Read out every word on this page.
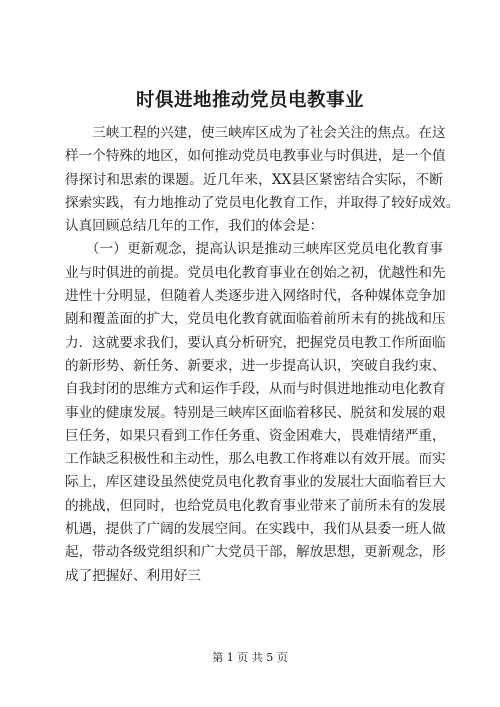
时俱进地推动党员电教事业
　　三峡工程的兴建，使三峡库区成为了社会关注的焦点。在这
样一个特殊的地区，如何推动党员电教事业与时俱进，是一个值
得探讨和思索的课题。近几年来，XX县区紧密结合实际，不断
探索实践，有力地推动了党员电化教育工作，并取得了较好成效。
认真回顾总结几年的工作，我们的体会是：
　　（一）更新观念，提高认识是推动三峡库区党员电化教育事
业与时俱进的前提。党员电化教育事业在创始之初，优越性和先
进性十分明显，但随着人类逐步进入网络时代，各种媒体竞争加
剧和覆盖面的扩大，党员电化教育就面临着前所未有的挑战和压
力．这就要求我们，要认真分析研究，把握党员电教工作所面临
的新形势、新任务、新要求，进一步提高认识，突破自我约束、
自我封闭的思维方式和运作手段，从而与时俱进地推动电化教育
事业的健康发展。特别是三峡库区面临着移民、脱贫和发展的艰
巨任务，如果只看到工作任务重、资金困难大，畏难情绪严重，
工作缺乏积极性和主动性，那么电教工作将难以有效开展。而实
际上，库区建设虽然使党员电化教育事业的发展壮大面临着巨大
的挑战，但同时，也给党员电化教育事业带来了前所未有的发展
机遇，提供了广阔的发展空间。在实践中，我们从县委一班人做
起，带动各级党组织和广大党员干部，解放思想，更新观念，形
成了把握好、利用好三
第 1 页 共 5 页
